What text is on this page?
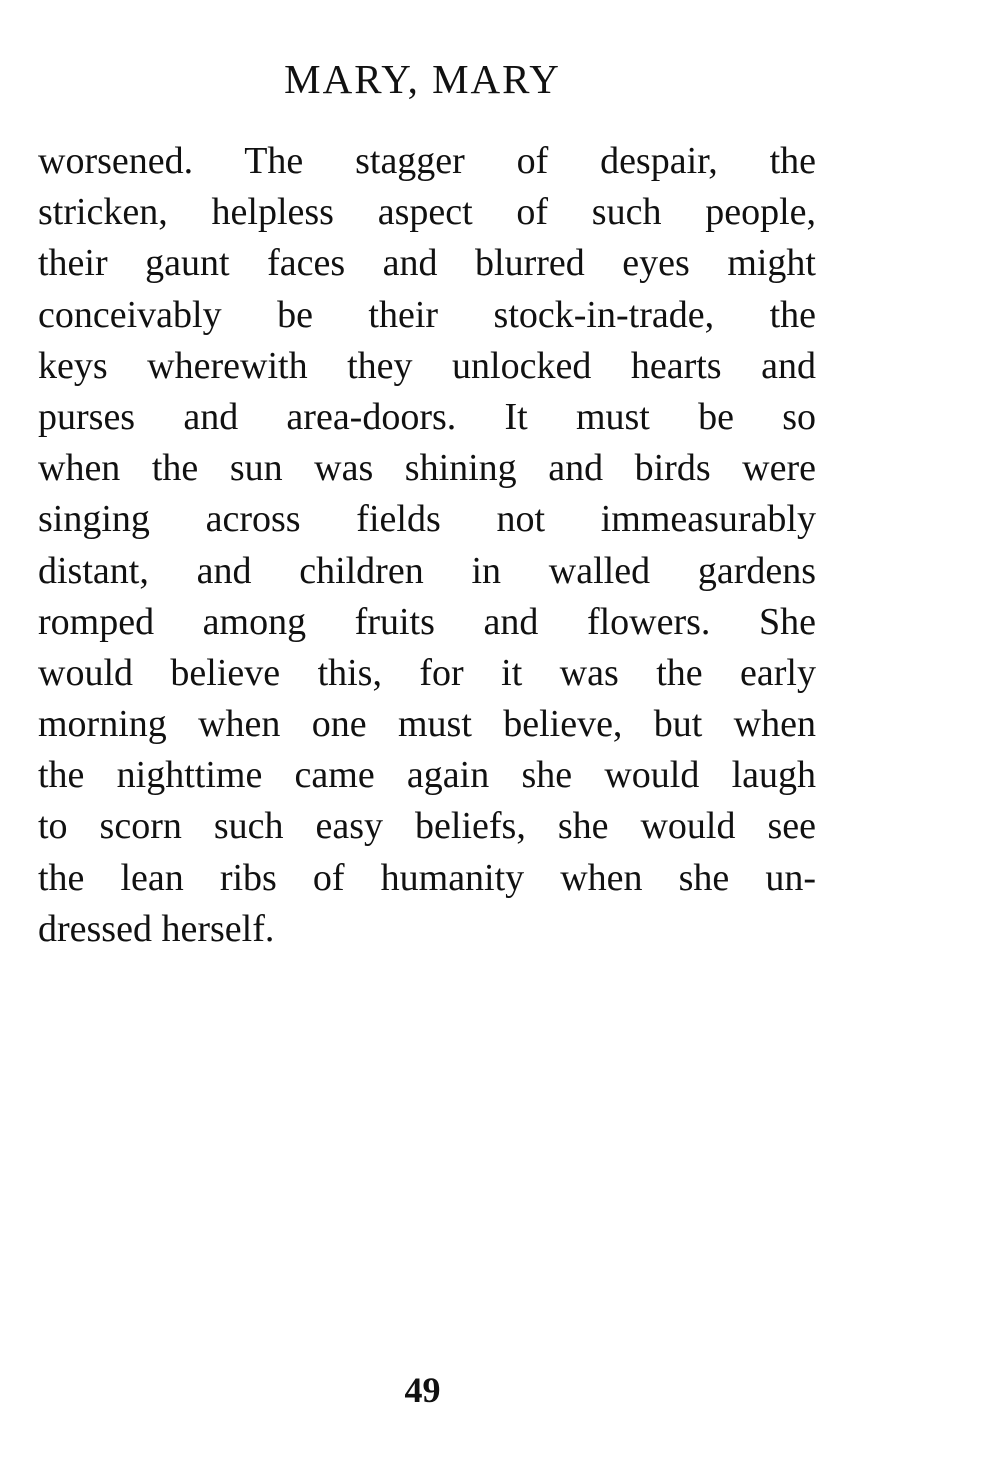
MARY, MARY
worsened. The stagger of despair, the
stricken, helpless aspect of such people,
their gaunt faces and blurred eyes might
conceivably be their stock-in-trade, the
keys wherewith they unlocked hearts and
purses and area-doors. It must be so
when the sun was shining and birds were
singing across fields not immeasurably
distant, and children in walled gardens
romped among fruits and flowers. She
would believe this, for it was the early
morning when one must believe, but when
the nighttime came again she would laugh
to scorn such easy beliefs, she would see
the lean ribs of humanity when she un-
dressed herself.
49
